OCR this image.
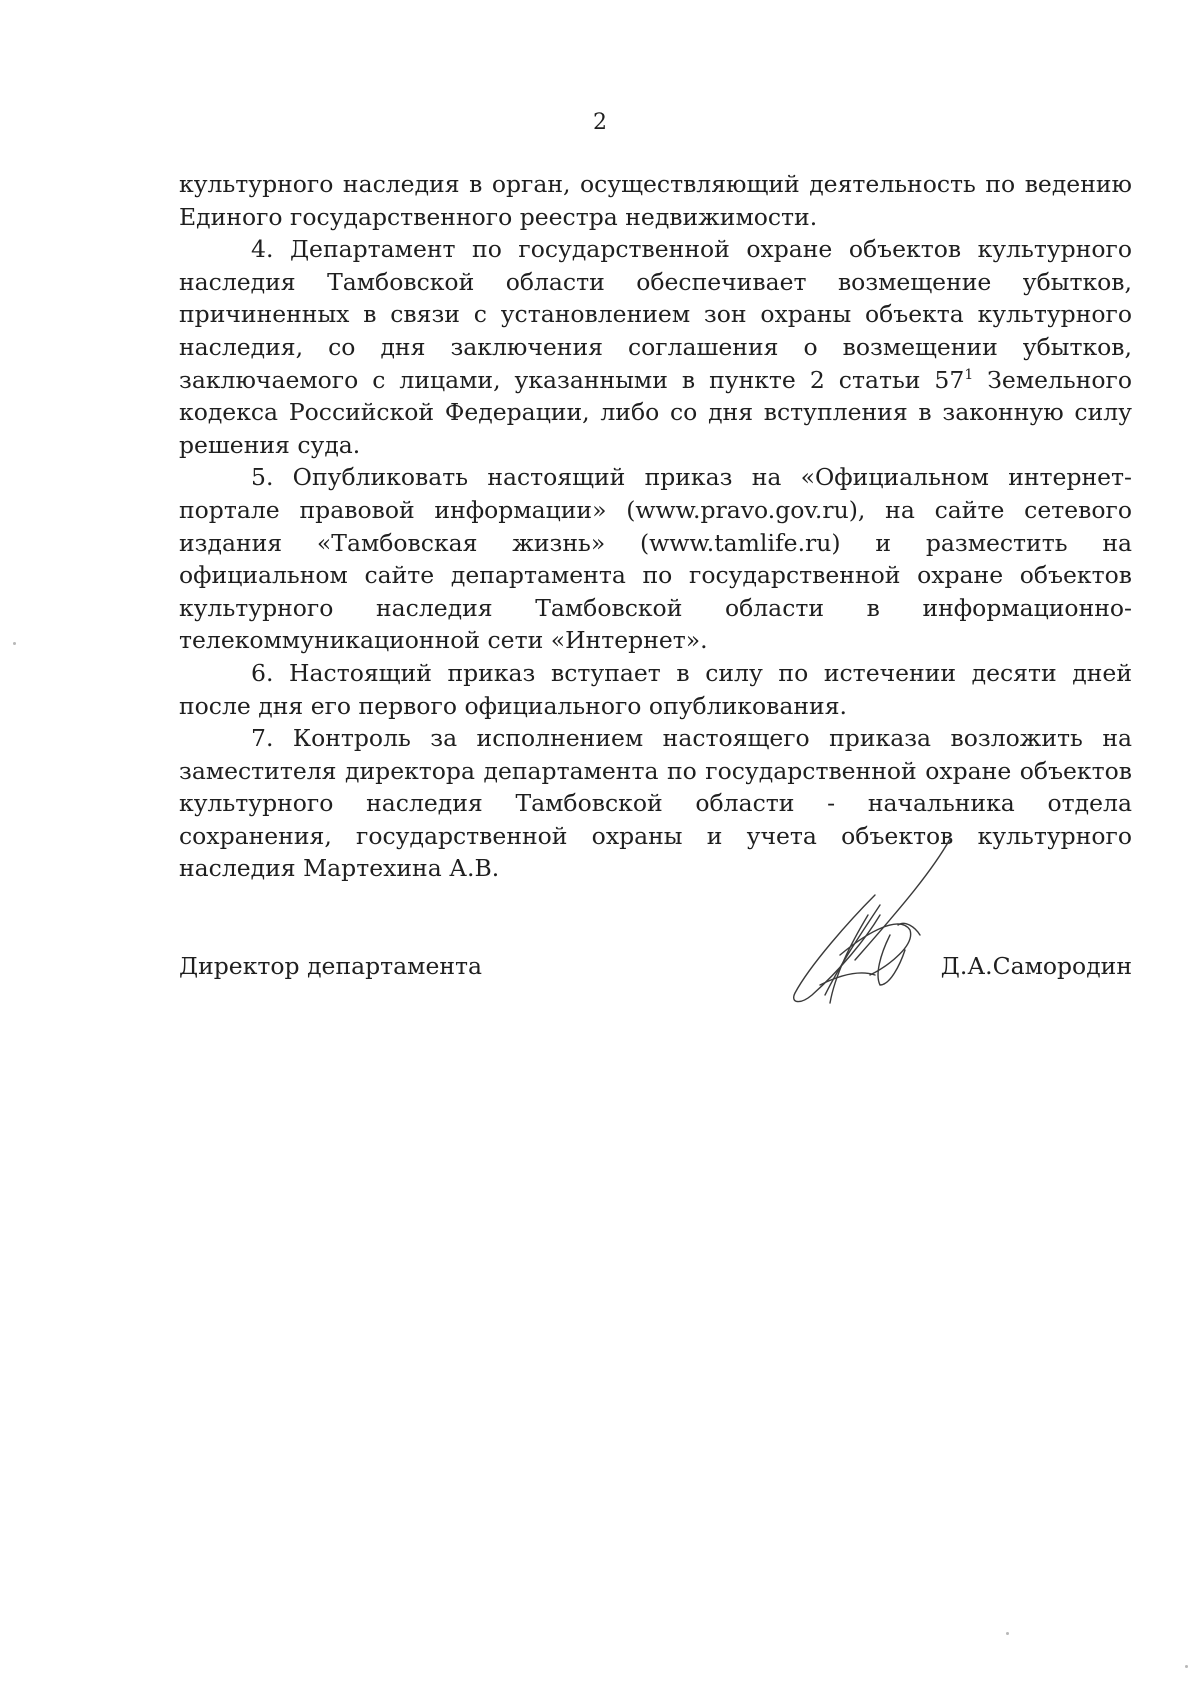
2

культурного наследия в орган, осуществляющий деятельность по ведению Единого государственного реестра недвижимости.

4. Департамент по государственной охране объектов культурного наследия Тамбовской области обеспечивает возмещение убытков, причиненных в связи с установлением зон охраны объекта культурного наследия, со дня заключения соглашения о возмещении убытков, заключаемого с лицами, указанными в пункте 2 статьи $57^1$ Земельного кодекса Российской Федерации, либо со дня вступления в законную силу решения суда.

5. Опубликовать настоящий приказ на «Официальном интернет-портале правовой информации» (www.pravo.gov.ru), на сайте сетевого издания «Тамбовская жизнь» (www.tamlife.ru) и разместить на официальном сайте департамента по государственной охране объектов культурного наследия Тамбовской области в информационно-телекоммуникационной сети «Интернет».

6. Настоящий приказ вступает в силу по истечении десяти дней после дня его первого официального опубликования.

7. Контроль за исполнением настоящего приказа возложить на заместителя директора департамента по государственной охране объектов культурного наследия Тамбовской области - начальника отдела сохранения, государственной охраны и учета объектов культурного наследия Мартехина А.В.

Директор департамента	Д.А.Самородин
